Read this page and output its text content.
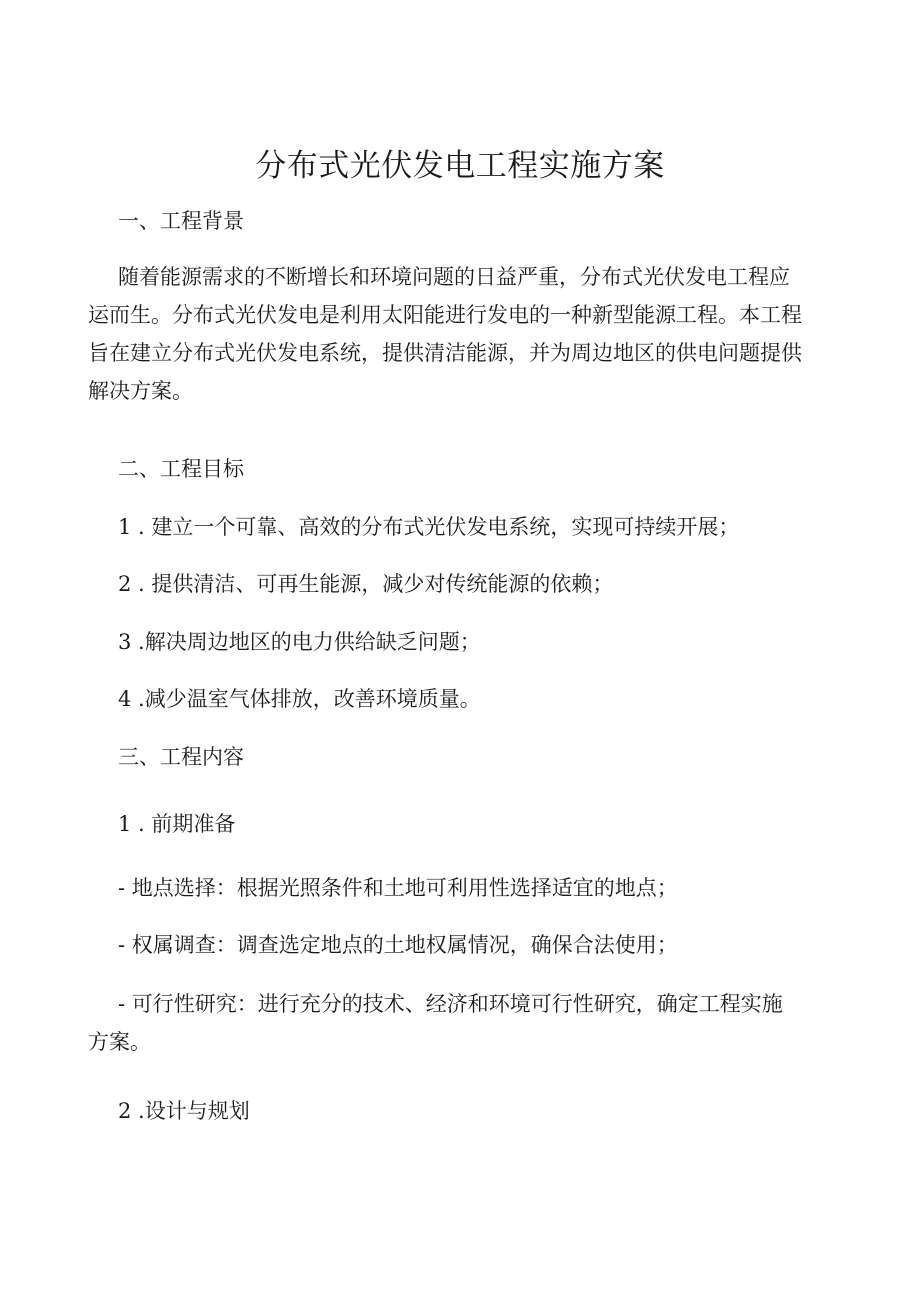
分布式光伏发电工程实施方案
一、工程背景
随着能源需求的不断增长和环境问题的日益严重，分布式光伏发电工程应
运而生。分布式光伏发电是利用太阳能进行发电的一种新型能源工程。本工程
旨在建立分布式光伏发电系统，提供清洁能源，并为周边地区的供电问题提供
解决方案。
二、工程目标
1 . 建立一个可靠、高效的分布式光伏发电系统，实现可持续开展；
2 . 提供清洁、可再生能源，减少对传统能源的依赖；
3 .解决周边地区的电力供给缺乏问题；
4 .减少温室气体排放，改善环境质量。
三、工程内容
1 . 前期准备
- 地点选择：根据光照条件和土地可利用性选择适宜的地点；
- 权属调查：调查选定地点的土地权属情况，确保合法使用；
- 可行性研究：进行充分的技术、经济和环境可行性研究，确定工程实施
方案。
2 .设计与规划
